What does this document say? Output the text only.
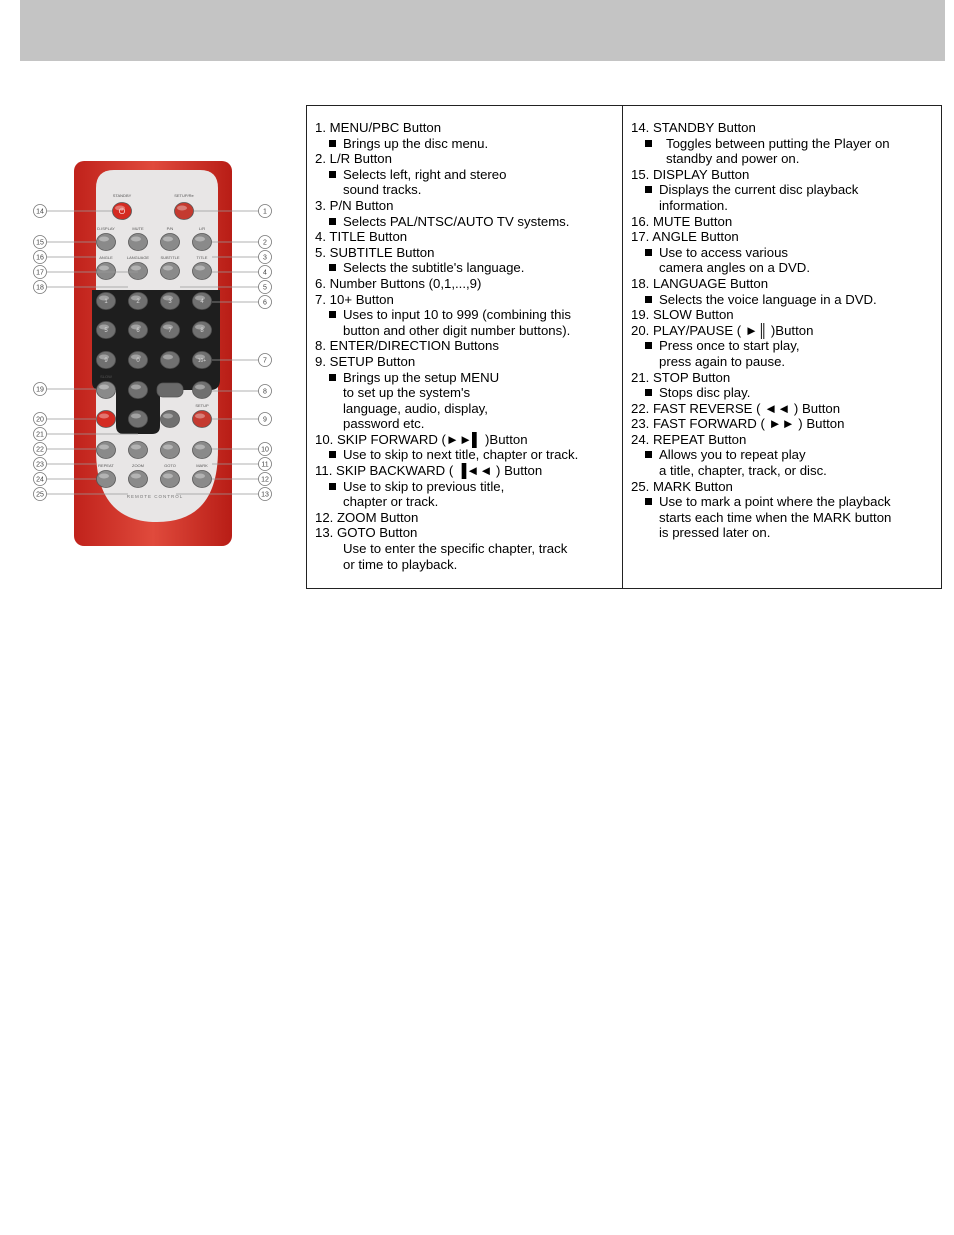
⏻
STANDBY	SETUP/Re
D.ISPLAY	MUTE	P/N	L/R
ANGLE	LANGUAGE	SUBTITLE	TITLE
1	2	3	4
5	6	7	8
9	0	10+
SLOW
SETUP
REPEAT	ZOOM	GOTO	MARK
REMOTE CONTROL
14
15
16
17
18
19
20
21
22
23
24
25
1
2
3
4
5
6
7
8
9
10
11
12
13
1. MENU/PBC Button
Brings up the disc menu.
2. L/R Button
Selects left, right and stereo
sound tracks.
3. P/N Button
Selects PAL/NTSC/AUTO TV systems.
4. TITLE Button
5. SUBTITLE Button
Selects the subtitle's language.
6. Number Buttons (0,1,...,9)
7. 10+ Button
Uses to input 10 to 999 (combining this
button and other digit number buttons).
8. ENTER/DIRECTION Buttons
9. SETUP Button
Brings up the setup MENU
to set up the system's
language, audio, display,
password etc.
10. SKIP FORWARD (►►▌ )Button
Use to skip to next title, chapter or track.
11. SKIP BACKWARD ( ▐◄◄ ) Button
Use to skip to previous title,
chapter or track.
12. ZOOM Button
13. GOTO Button
Use to enter the specific chapter, track
or time to playback.
14. STANDBY Button
Toggles between putting the Player on
standby and power on.
15. DISPLAY Button
Displays the current disc playback
information.
16. MUTE Button
17. ANGLE Button
Use to access various
camera angles on a DVD.
18. LANGUAGE Button
Selects the voice language in a DVD.
19. SLOW Button
20. PLAY/PAUSE ( ►║ )Button
Press once to start play,
press again to pause.
21. STOP Button
Stops disc play.
22. FAST REVERSE ( ◄◄ ) Button
23. FAST FORWARD ( ►► ) Button
24. REPEAT Button
Allows you to repeat play
a title, chapter, track, or disc.
25. MARK Button
Use to mark a point where the playback
starts each time when the MARK button
is pressed later on.
